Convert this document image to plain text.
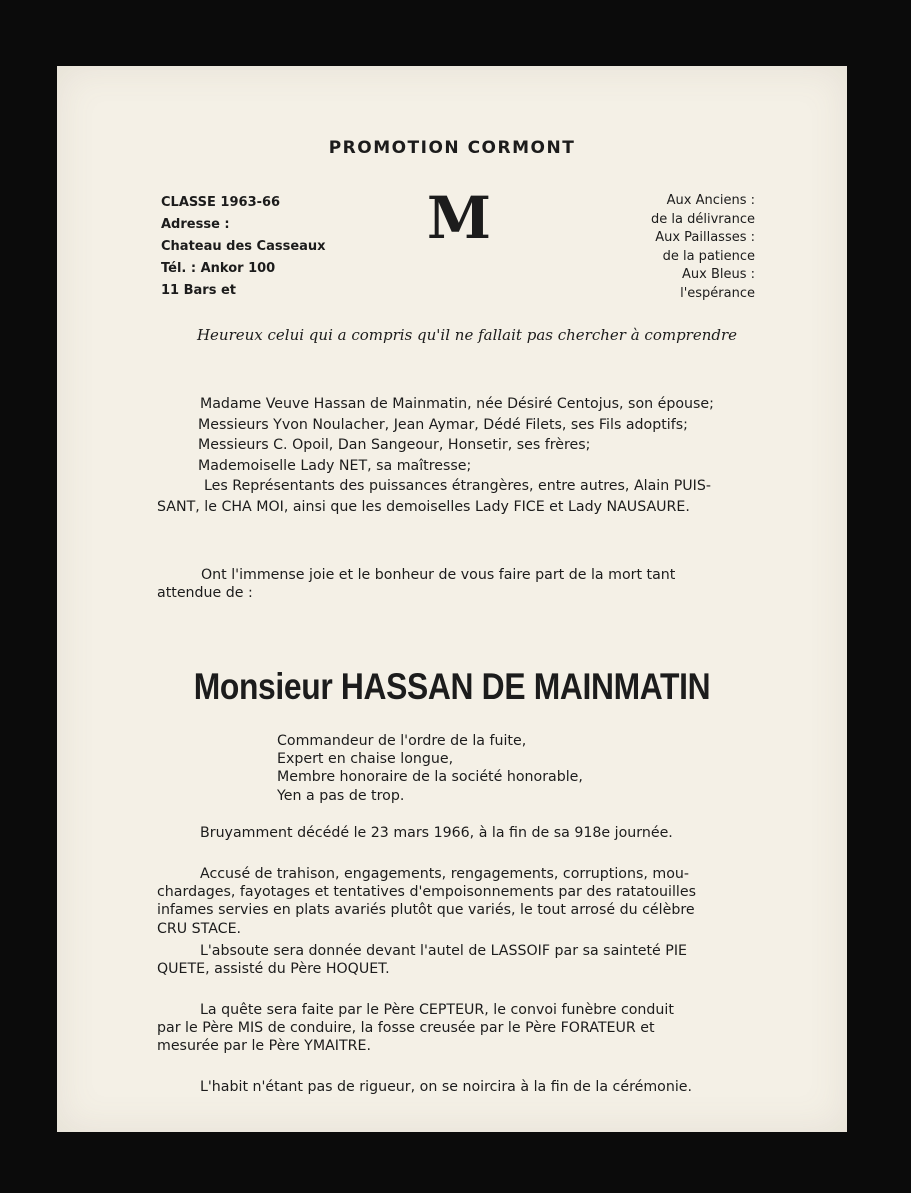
PROMOTION CORMONT
CLASSE 1963-66
Adresse :
Chateau des Casseaux
Tél. : Ankor 100
11 Bars et
M	Aux Anciens :
de la délivrance
Aux Paillasses :
de la patience
Aux Bleus :
l'espérance
Heureux celui qui a compris qu'il ne fallait pas chercher à comprendre
Madame Veuve Hassan de Mainmatin, née Désiré Centojus, son épouse;
Messieurs Yvon Noulacher, Jean Aymar, Dédé Filets, ses Fils adoptifs;
Messieurs C. Opoil, Dan Sangeour, Honsetir, ses frères;
Mademoiselle Lady NET, sa maîtresse;
Les Représentants des puissances étrangères, entre autres, Alain PUIS-
SANT, le CHA MOI, ainsi que les demoiselles Lady FICE et Lady NAUSAURE.
Ont l'immense joie et le bonheur de vous faire part de la mort tant
attendue de :
Monsieur HASSAN DE MAINMATIN
Commandeur de l'ordre de la fuite,
Expert en chaise longue,
Membre honoraire de la société honorable,
Yen a pas de trop.
Bruyamment décédé le 23 mars 1966, à la fin de sa 918e journée.
Accusé de trahison, engagements, rengagements, corruptions, mou-
chardages, fayotages et tentatives d'empoisonnements par des ratatouilles
infames servies en plats avariés plutôt que variés, le tout arrosé du célèbre
CRU STACE.
L'absoute sera donnée devant l'autel de LASSOIF par sa sainteté PIE
QUETE, assisté du Père HOQUET.
La quête sera faite par le Père CEPTEUR, le convoi funèbre conduit
par le Père MIS de conduire, la fosse creusée par le Père FORATEUR et
mesurée par le Père YMAITRE.
L'habit n'étant pas de rigueur, on se noircira à la fin de la cérémonie.
